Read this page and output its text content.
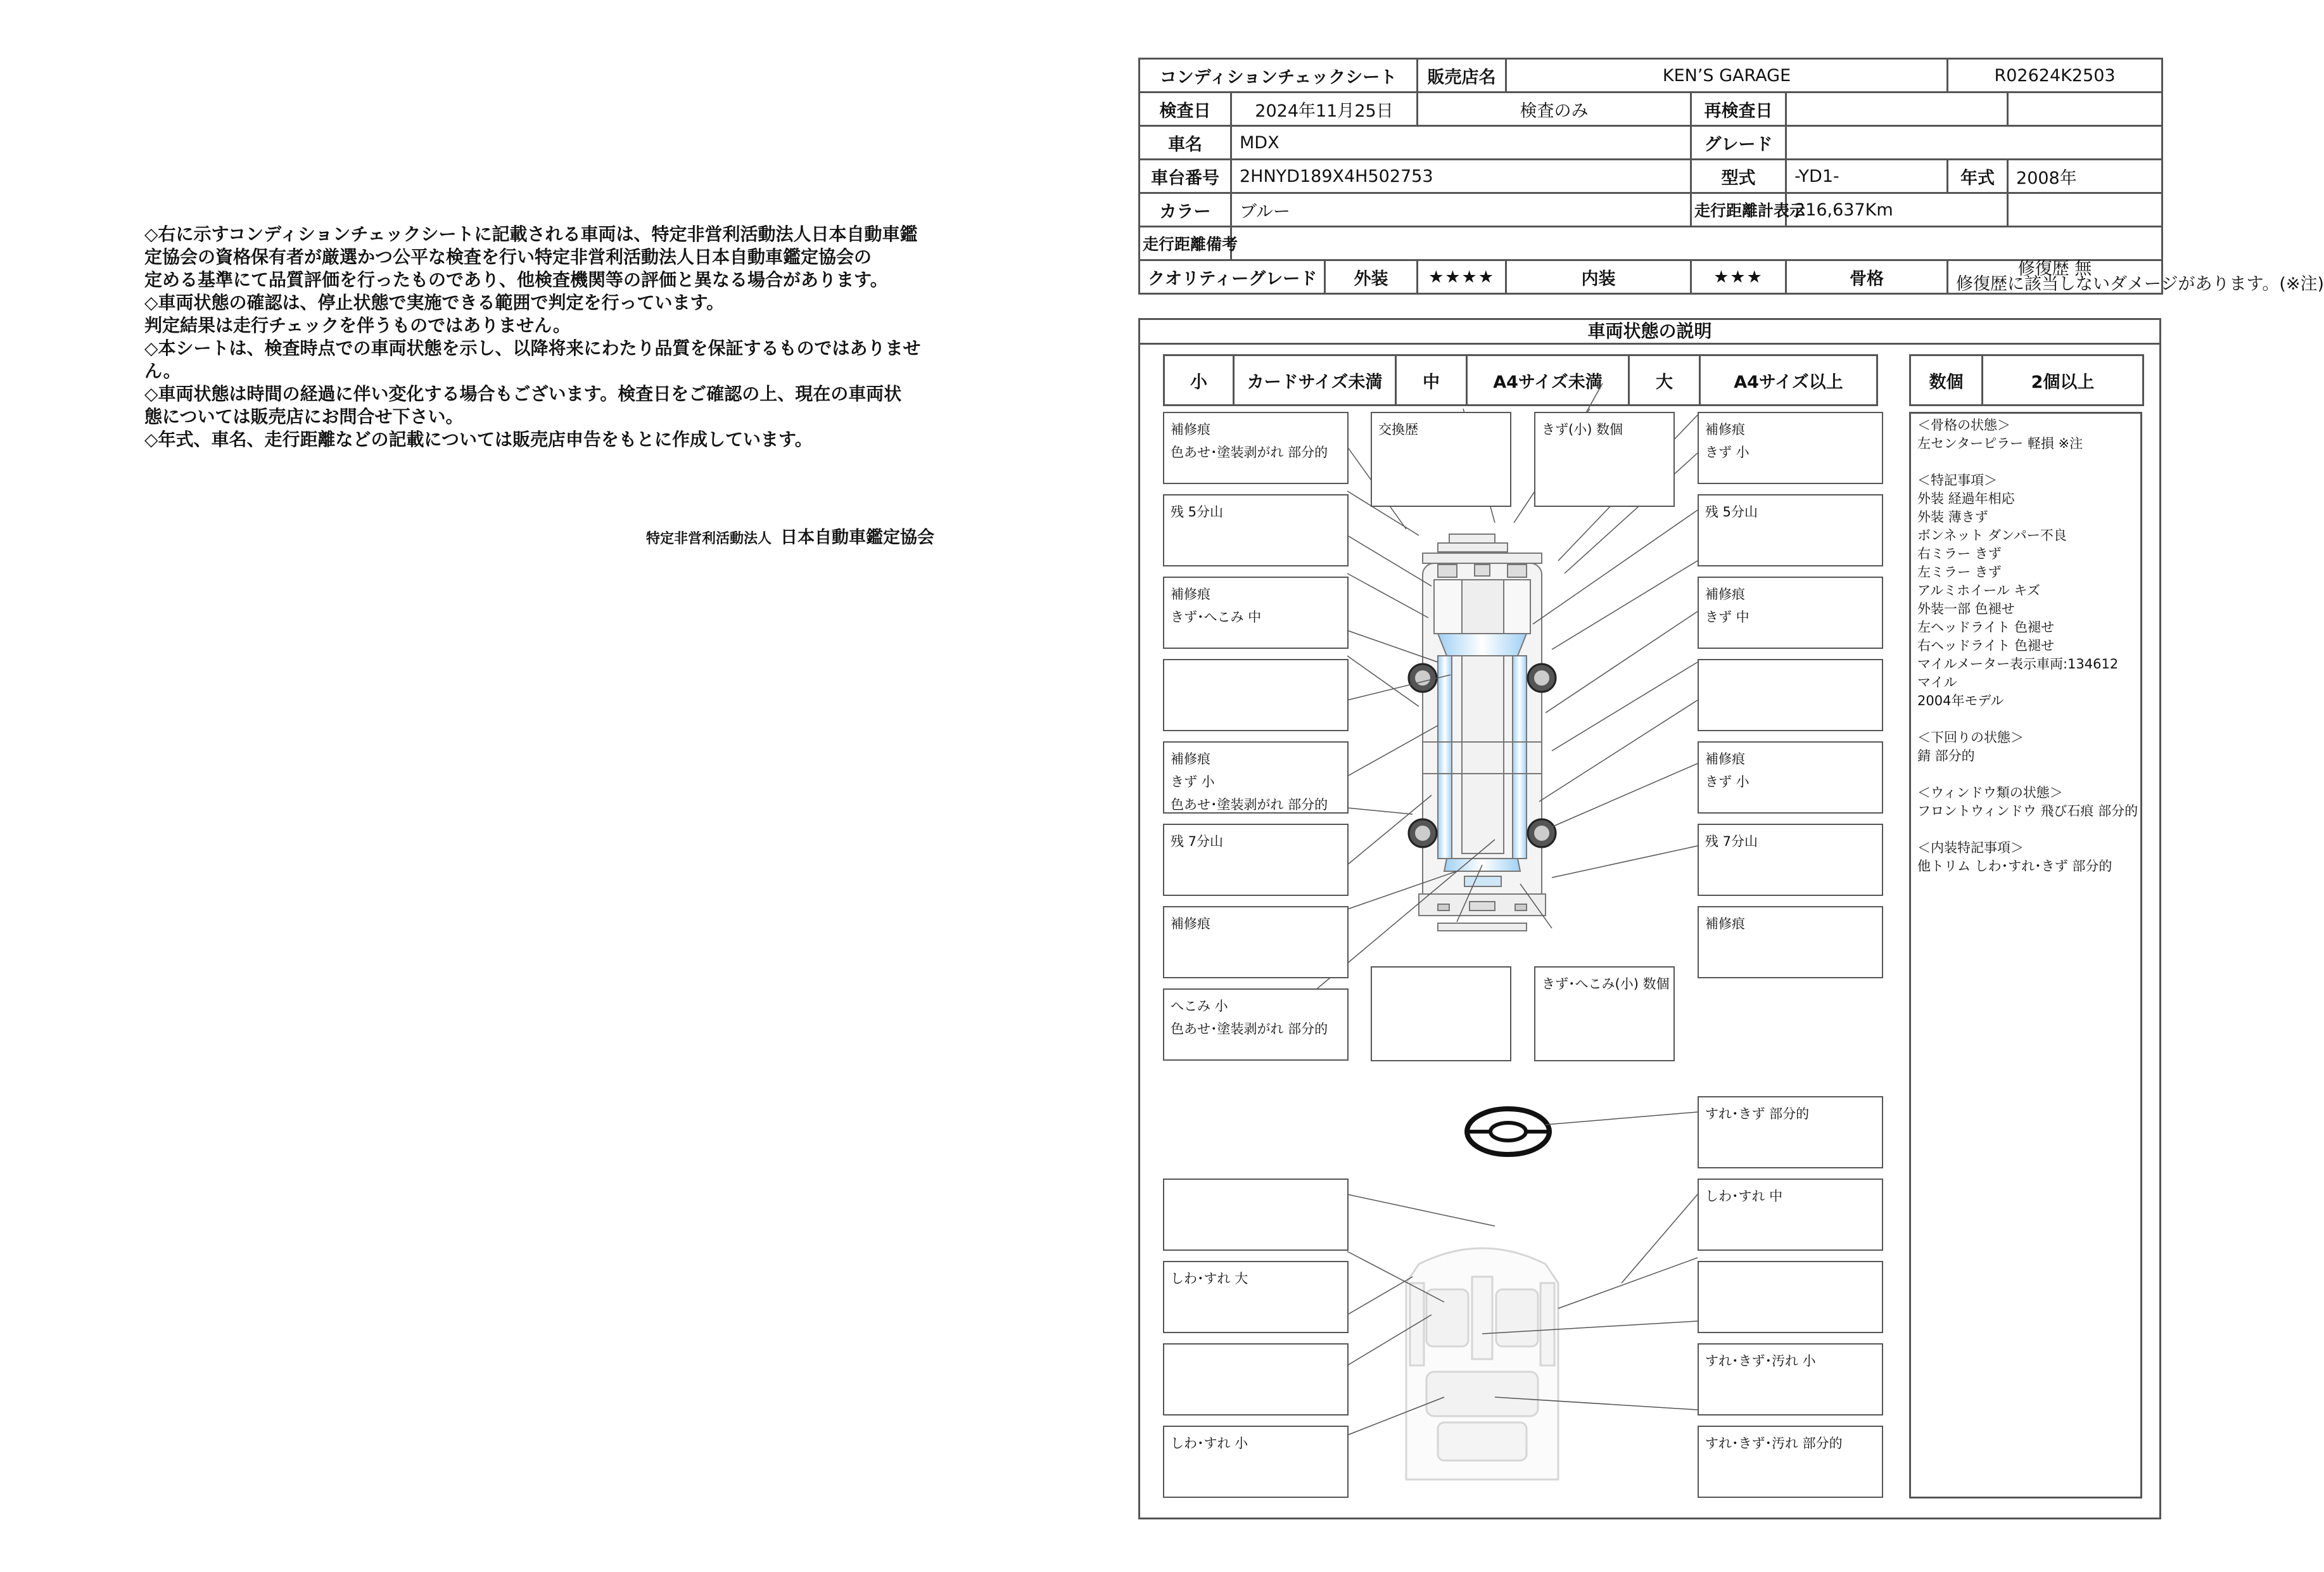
◇右に示すコンディションチェックシートに記載される車両は、特定非営利活動法人日本自動車鑑

定協会の資格保有者が厳選かつ公平な検査を行い特定非営利活動法人日本自動車鑑定協会の

定める基準にて品質評価を行ったものであり、他検査機関等の評価と異なる場合があります。

◇車両状態の確認は、停止状態で実施できる範囲で判定を行っています。

判定結果は走行チェックを伴うものではありません。

◇本シートは、検査時点での車両状態を示し、以降将来にわたり品質を保証するものではありませ

ん。

◇車両状態は時間の経過に伴い変化する場合もございます。検査日をご確認の上、現在の車両状

態については販売店にお問合せ下さい。

◇年式、車名、走行距離などの記載については販売店申告をもとに作成しています。

特定非営利活動法人 日本自動車鑑定協会
コンディションチェックシート			販売店名	KEN’S GARAGE			R02624K2503	
検査日	2024年11月25日		検査のみ		再検査日			
車名	MDX				グレード			
車台番号	2HNYD189X4H502753				型式	-YD1-	年式	2008年
カラー	ブルー				走行距離計表示	216,637Km		
走行距離備考								
クオリティーグレード		外装	★★★★	内装	★★★	骨格	修復歴 無
修復歴に該当しないダメージがあります。(※注)	
車両状態の説明
小	カードサイズ未満	中	A4サイズ未満	大	A4サイズ以上	数個	2個以上
補修痕
色あせ･塗装剥がれ 部分的
残 5分山
補修痕
きず･へこみ 中
補修痕
きず 小
色あせ･塗装剥がれ 部分的
残 7分山
補修痕
へこみ 小
色あせ･塗装剥がれ 部分的
交換歴	きず(小) 数個
きず･へこみ(小) 数個
補修痕
きず 小
残 5分山
補修痕
きず 中
補修痕
きず 小
残 7分山
補修痕
すれ･きず 部分的
しわ･すれ 大
しわ･すれ 小
しわ･すれ 中
すれ･きず･汚れ 小
すれ･きず･汚れ 部分的
＜骨格の状態＞
左センターピラー 軽損 ※注
＜特記事項＞
外装 経過年相応
外装 薄きず
ボンネット ダンパー不良
右ミラー きず
左ミラー きず
アルミホイール キズ
外装一部 色褪せ
左ヘッドライト 色褪せ
右ヘッドライト 色褪せ
マイルメーター表示車両:134612
マイル
2004年モデル
＜下回りの状態＞
錆 部分的
＜ウィンドウ類の状態＞
フロントウィンドウ 飛び石痕 部分的
＜内装特記事項＞
他トリム しわ･すれ･きず 部分的
